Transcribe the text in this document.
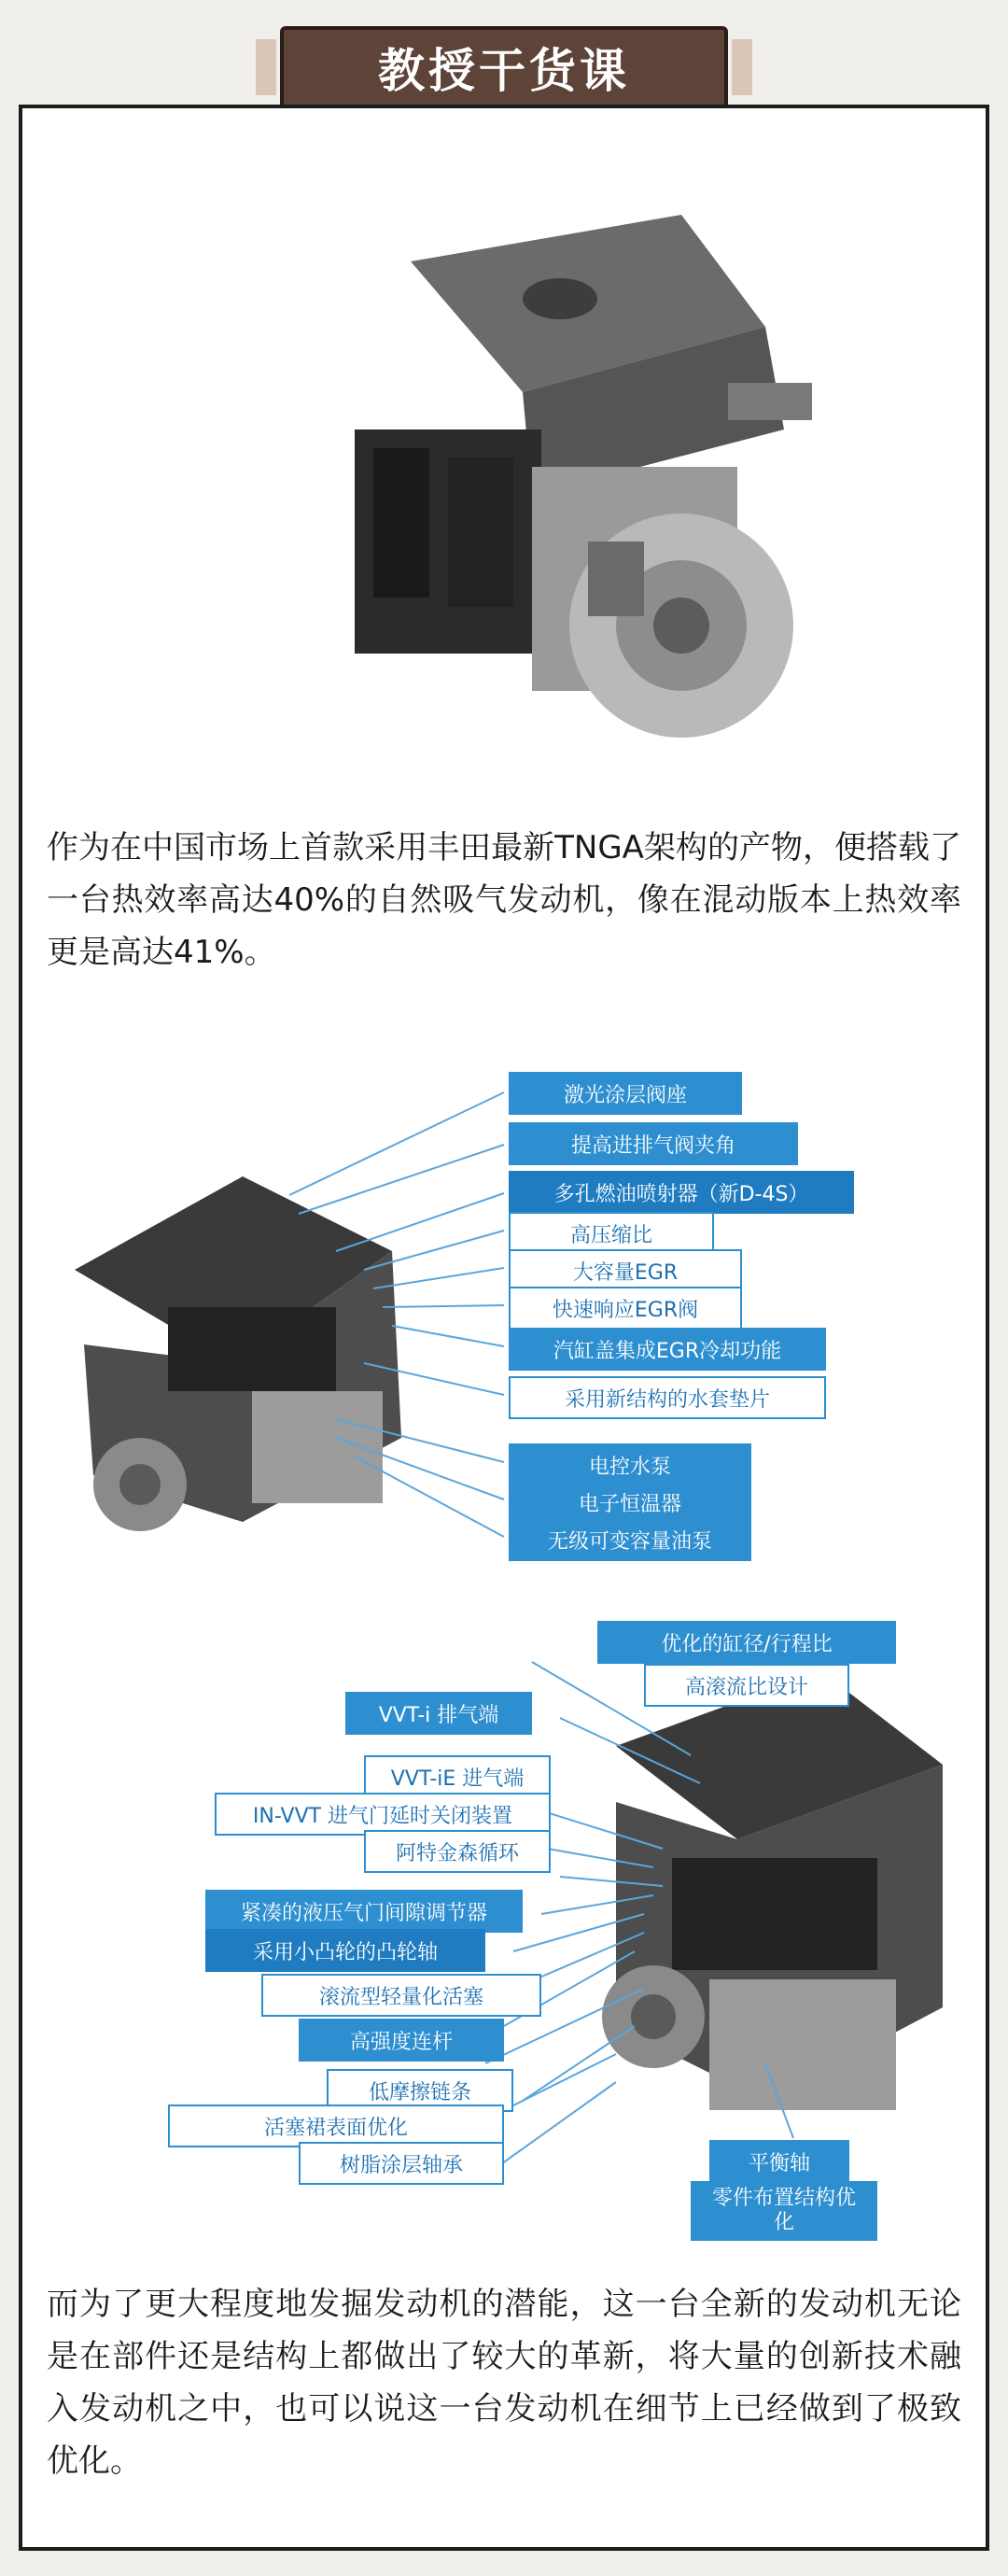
教授干货课

作为在中国市场上首款采用丰田最新TNGA架构的产物，便搭载了一台热效率高达40%的自然吸气发动机，像在混动版本上热效率更是高达41%。

激光涂层阀座
提高进排气阀夹角
多孔燃油喷射器（新D-4S）
高压缩比
大容量EGR
快速响应EGR阀
汽缸盖集成EGR冷却功能
采用新结构的水套垫片
电控水泵
电子恒温器
无级可变容量油泵
优化的缸径/行程比
高滚流比设计
VVT-i 排气端
VVT-iE 进气端
IN-VVT 进气门延时关闭装置
阿特金森循环
紧凑的液压气门间隙调节器
采用小凸轮的凸轮轴
滚流型轻量化活塞
高强度连杆
低摩擦链条
活塞裙表面优化
树脂涂层轴承	平衡轴
零件布置结构优化

而为了更大程度地发掘发动机的潜能，这一台全新的发动机无论是在部件还是结构上都做出了较大的革新，将大量的创新技术融入发动机之中，也可以说这一台发动机在细节上已经做到了极致优化。
